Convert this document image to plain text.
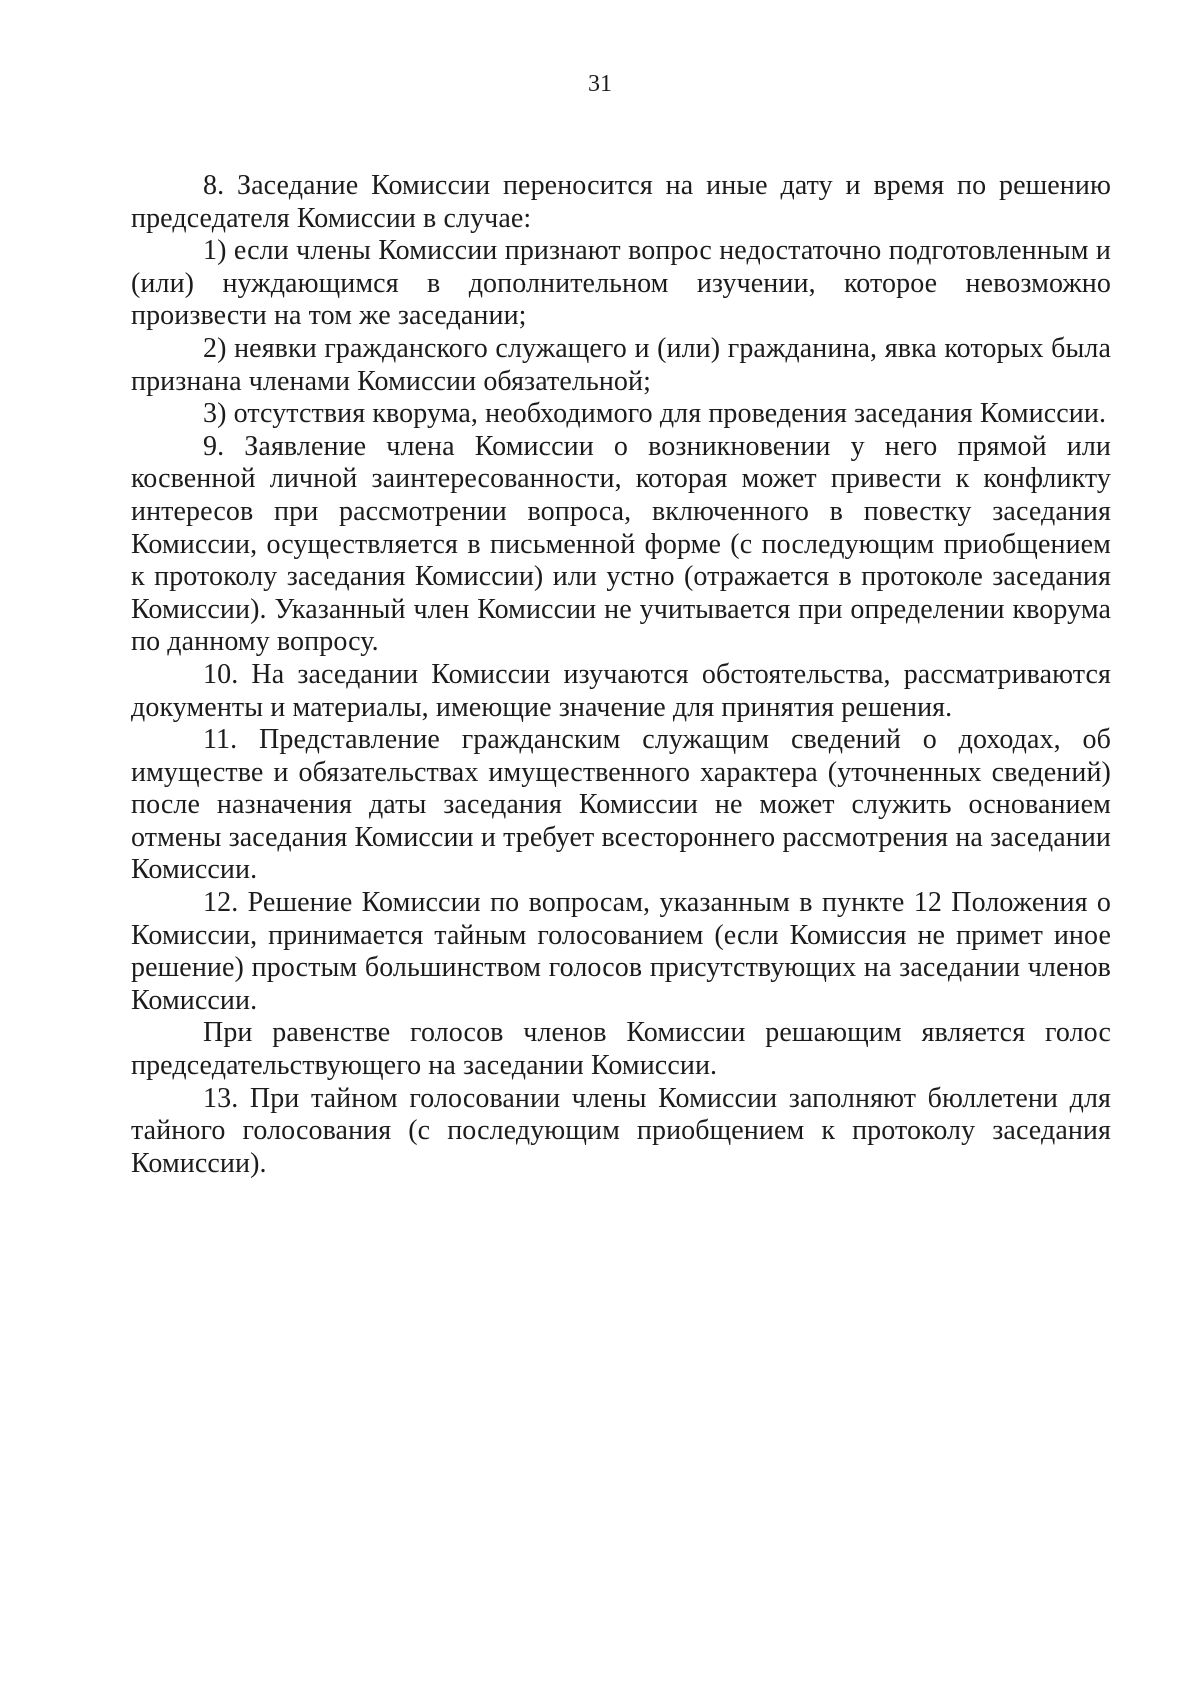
31

8. Заседание Комиссии переносится на иные дату и время по решению председателя Комиссии в случае:

1) если члены Комиссии признают вопрос недостаточно подготовленным и (или) нуждающимся в дополнительном изучении, которое невозможно произвести на том же заседании;

2) неявки гражданского служащего и (или) гражданина, явка которых была признана членами Комиссии обязательной;

3) отсутствия кворума, необходимого для проведения заседания Комиссии.

9. Заявление члена Комиссии о возникновении у него прямой или косвенной личной заинтересованности, которая может привести к конфликту интересов при рассмотрении вопроса, включенного в повестку заседания Комиссии, осуществляется в письменной форме (с последующим приобщением к протоколу заседания Комиссии) или устно (отражается в протоколе заседания Комиссии). Указанный член Комиссии не учитывается при определении кворума по данному вопросу.

10. На заседании Комиссии изучаются обстоятельства, рассматриваются документы и материалы, имеющие значение для принятия решения.

11. Представление гражданским служащим сведений о доходах, об имуществе и обязательствах имущественного характера (уточненных сведений) после назначения даты заседания Комиссии не может служить основанием отмены заседания Комиссии и требует всестороннего рассмотрения на заседании Комиссии.

12. Решение Комиссии по вопросам, указанным в пункте 12 Положения о Комиссии, принимается тайным голосованием (если Комиссия не примет иное решение) простым большинством голосов присутствующих на заседании членов Комиссии.

При равенстве голосов членов Комиссии решающим является голос председательствующего на заседании Комиссии.

13. При тайном голосовании члены Комиссии заполняют бюллетени для тайного голосования (с последующим приобщением к протоколу заседания Комиссии).
